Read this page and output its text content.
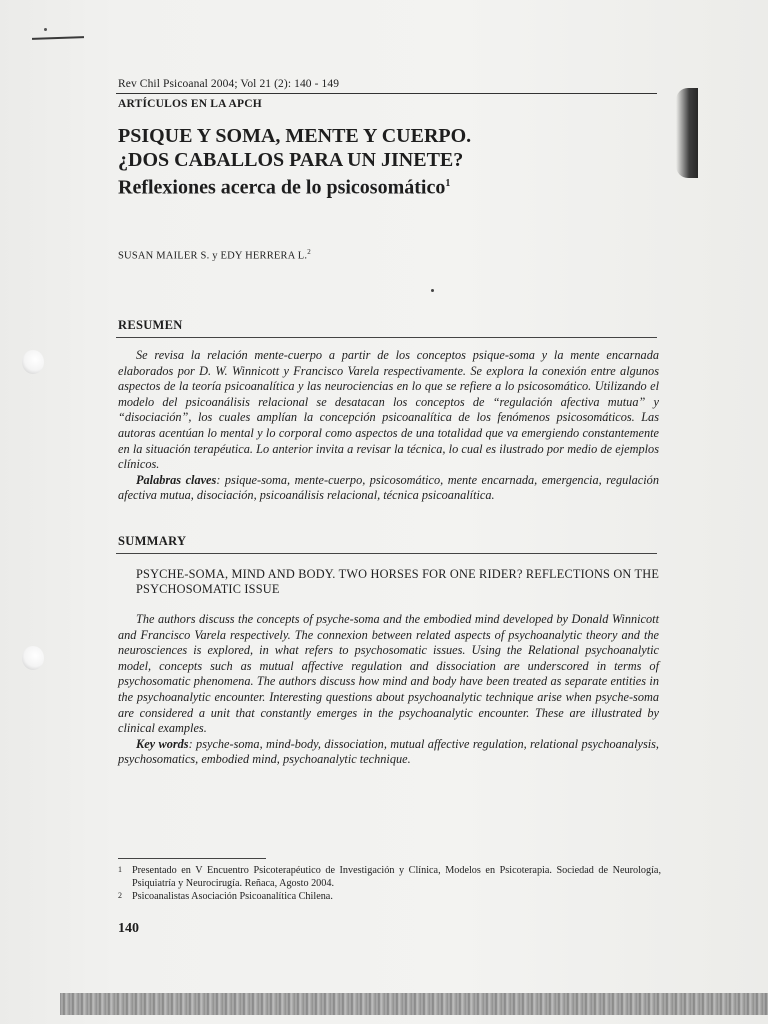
Rev Chil Psicoanal 2004; Vol 21 (2): 140 - 149
ARTÍCULOS EN LA APCH
PSIQUE Y SOMA, MENTE Y CUERPO.
¿DOS CABALLOS PARA UN JINETE?
Reflexiones acerca de lo psicosomático$^1$
SUSAN MAILER S. y EDY HERRERA L.$^2$
RESUMEN

Se revisa la relación mente-cuerpo a partir de los conceptos psique-soma y la mente encarnada elaborados por D. W. Winnicott y Francisco Varela respectivamente. Se explora la conexión entre algunos aspectos de la teoría psicoanalítica y las neurociencias en lo que se refiere a lo psicosomático. Utilizando el modelo del psicoanálisis relacional se desatacan los conceptos de “regulación afectiva mutua” y “disociación”, los cuales amplían la concepción psicoanalítica de los fenómenos psicosomáticos. Las autoras acentúan lo mental y lo corporal como aspectos de una totalidad que va emergiendo constantemente en la situación terapéutica. Lo anterior invita a revisar la técnica, lo cual es ilustrado por medio de ejemplos clínicos.

Palabras claves: psique-soma, mente-cuerpo, psicosomático, mente encarnada, emergencia, regulación afectiva mutua, disociación, psicoanálisis relacional, técnica psicoanalítica.

SUMMARY
PSYCHE-SOMA, MIND AND BODY. TWO HORSES FOR ONE RIDER? REFLECTIONS ON THE PSYCHOSOMATIC ISSUE

The authors discuss the concepts of psyche-soma and the embodied mind developed by Donald Winnicott and Francisco Varela respectively. The connexion between related aspects of psychoanalytic theory and the neurosciences is explored, in what refers to psychosomatic issues. Using the Relational psychoanalytic model, concepts such as mutual affective regulation and dissociation are underscored in terms of psychosomatic phenomena. The authors discuss how mind and body have been treated as separate entities in the psychoanalytic encounter. Interesting questions about psychoanalytic technique arise when psyche-soma are considered a unit that constantly emerges in the psychoanalytic encounter. These are illustrated by clinical examples.

Key words: psyche-soma, mind-body, dissociation, mutual affective regulation, relational psychoanalysis, psychosomatics, embodied mind, psychoanalytic technique.

1 Presentado en V Encuentro Psicoterapéutico de Investigación y Clínica, Modelos en Psicoterapia. Sociedad de Neurología, Psiquiatría y Neurocirugía. Reñaca, Agosto 2004.
2 Psicoanalistas Asociación Psicoanalítica Chilena.
140
